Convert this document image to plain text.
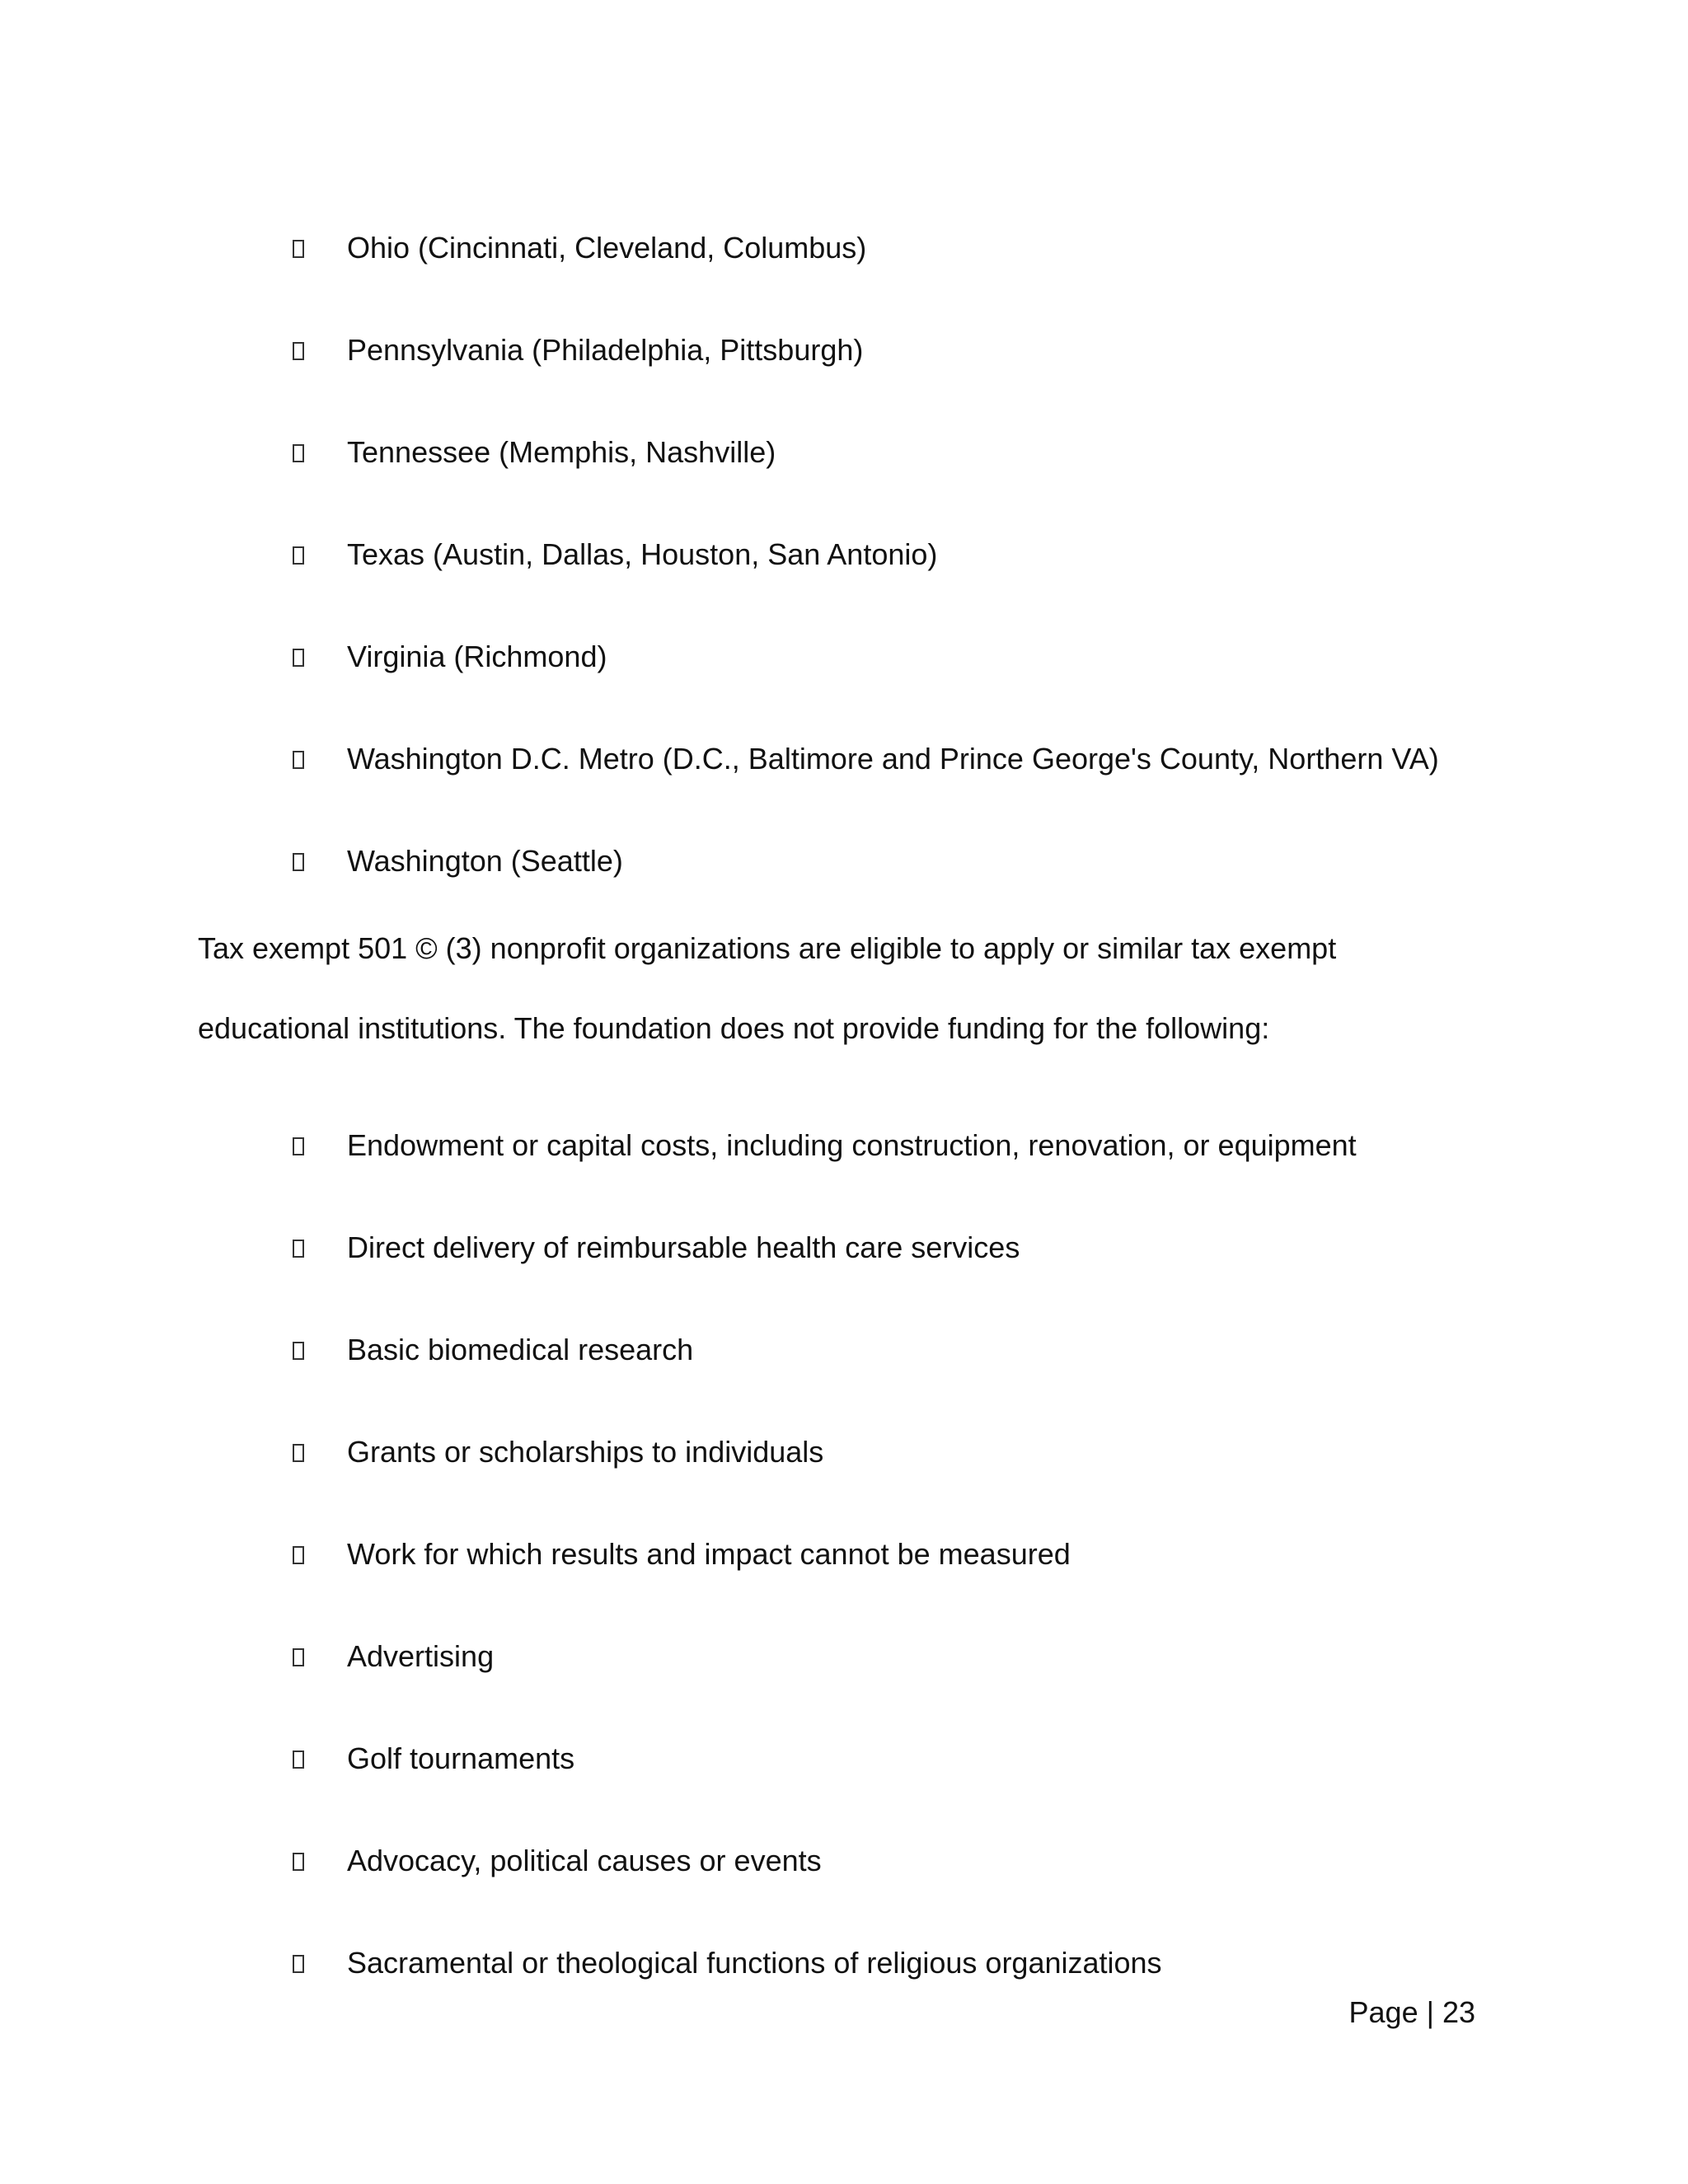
Ohio (Cincinnati, Cleveland, Columbus)
Pennsylvania (Philadelphia, Pittsburgh)
Tennessee (Memphis, Nashville)
Texas (Austin, Dallas, Houston, San Antonio)
Virginia (Richmond)
Washington D.C. Metro (D.C., Baltimore and Prince George's County, Northern VA)
Washington (Seattle)

Tax exempt 501 © (3) nonprofit organizations are eligible to apply or similar tax exempt
educational institutions. The foundation does not provide funding for the following:

Endowment or capital costs, including construction, renovation, or equipment
Direct delivery of reimbursable health care services
Basic biomedical research
Grants or scholarships to individuals
Work for which results and impact cannot be measured
Advertising
Golf tournaments
Advocacy, political causes or events
Sacramental or theological functions of religious organizations
Page | 23
